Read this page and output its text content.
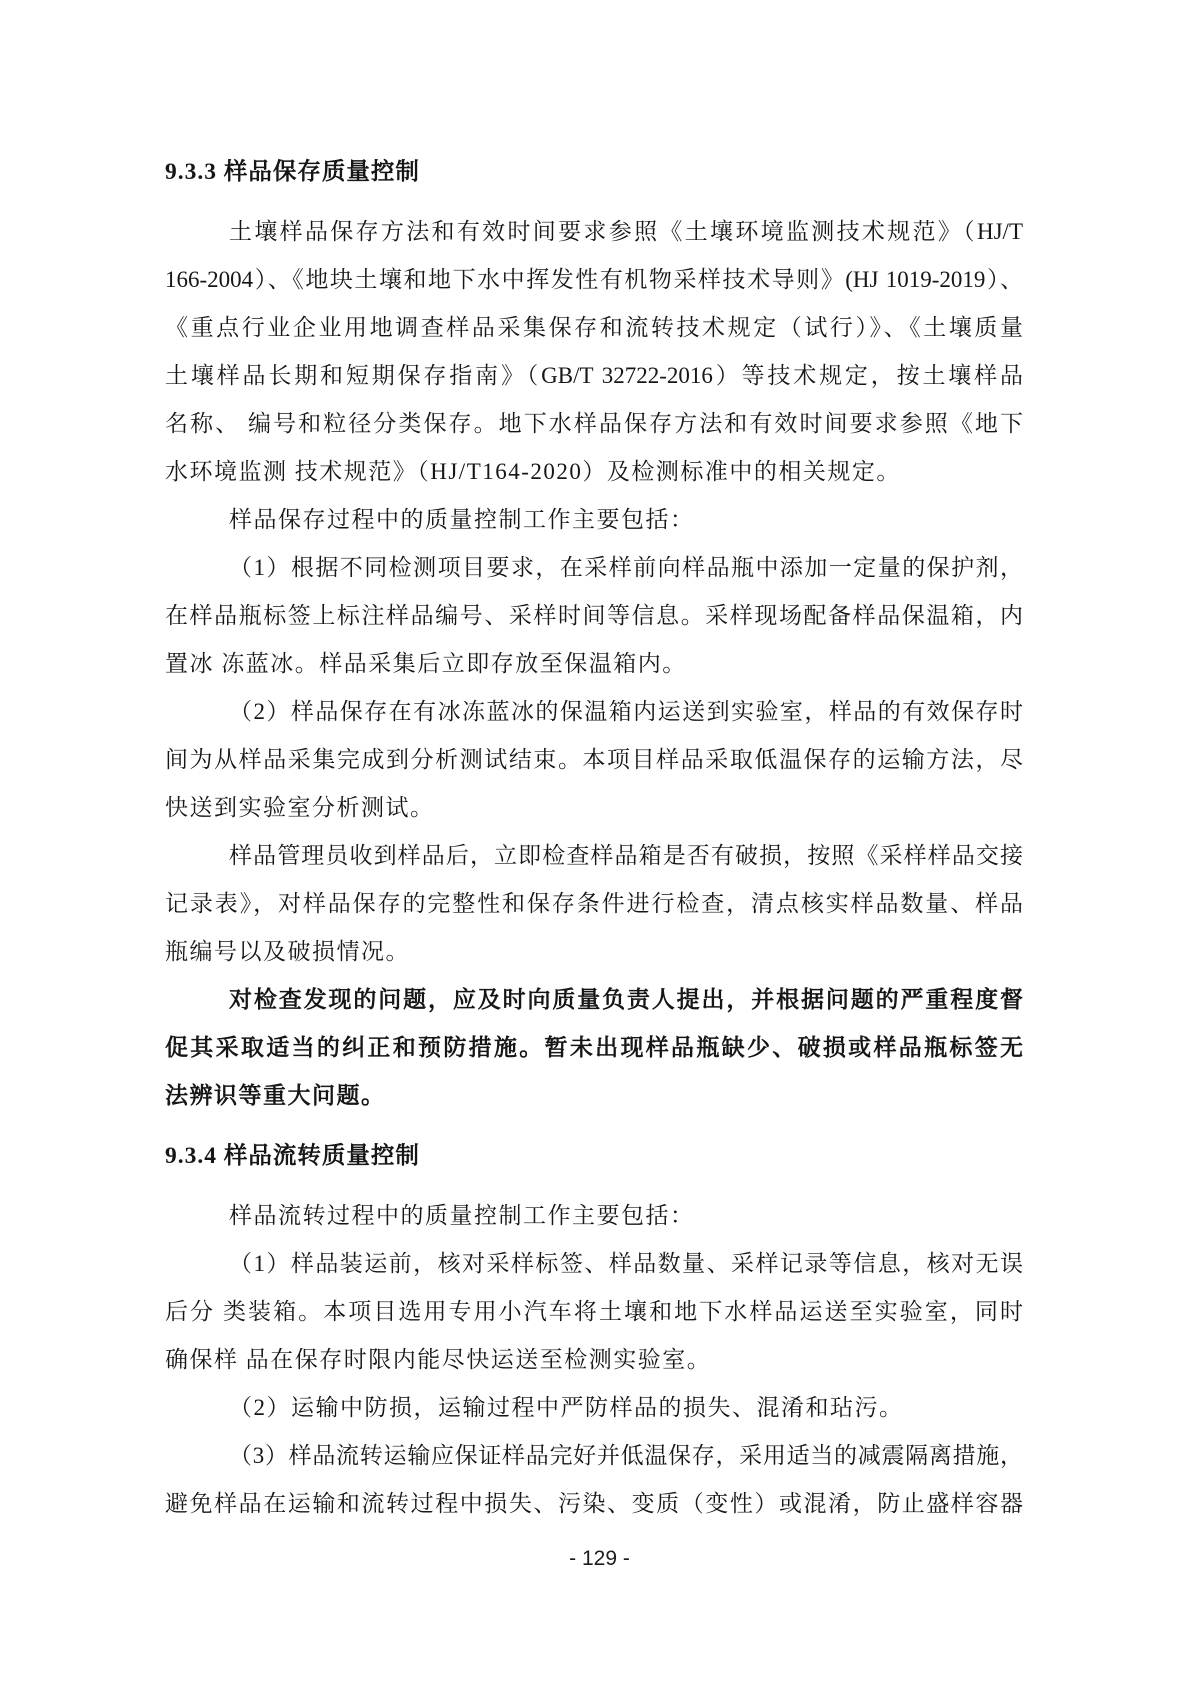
9.3.3 样品保存质量控制
土壤样品保存方法和有效时间要求参照《土壤环境监测技术规范》（HJ/T
166-2004）、《地块土壤和地下水中挥发性有机物采样技术导则》(HJ 1019-2019）、
《重点行业企业用地调查样品采集保存和流转技术规定（试行）》、《土壤质量
土壤样品长期和短期保存指南》（GB/T 32722-2016）等技术规定，按土壤样品
名称、 编号和粒径分类保存。地下水样品保存方法和有效时间要求参照《地下
水环境监测 技术规范》（HJ/T164-2020）及检测标准中的相关规定。
样品保存过程中的质量控制工作主要包括：
（1）根据不同检测项目要求，在采样前向样品瓶中添加一定量的保护剂，
在样品瓶标签上标注样品编号、采样时间等信息。采样现场配备样品保温箱，内
置冰 冻蓝冰。样品采集后立即存放至保温箱内。
（2）样品保存在有冰冻蓝冰的保温箱内运送到实验室，样品的有效保存时
间为从样品采集完成到分析测试结束。本项目样品采取低温保存的运输方法，尽
快送到实验室分析测试。
样品管理员收到样品后，立即检查样品箱是否有破损，按照《采样样品交接
记录表》，对样品保存的完整性和保存条件进行检查，清点核实样品数量、样品
瓶编号以及破损情况。
对检查发现的问题，应及时向质量负责人提出，并根据问题的严重程度督
促其采取适当的纠正和预防措施。暂未出现样品瓶缺少、破损或样品瓶标签无
法辨识等重大问题。
9.3.4 样品流转质量控制
样品流转过程中的质量控制工作主要包括：
（1）样品装运前，核对采样标签、样品数量、采样记录等信息，核对无误
后分 类装箱。本项目选用专用小汽车将土壤和地下水样品运送至实验室，同时
确保样 品在保存时限内能尽快运送至检测实验室。
（2）运输中防损，运输过程中严防样品的损失、混淆和玷污。
（3）样品流转运输应保证样品完好并低温保存，采用适当的减震隔离措施，
避免样品在运输和流转过程中损失、污染、变质（变性）或混淆，防止盛样容器
- 129 -
